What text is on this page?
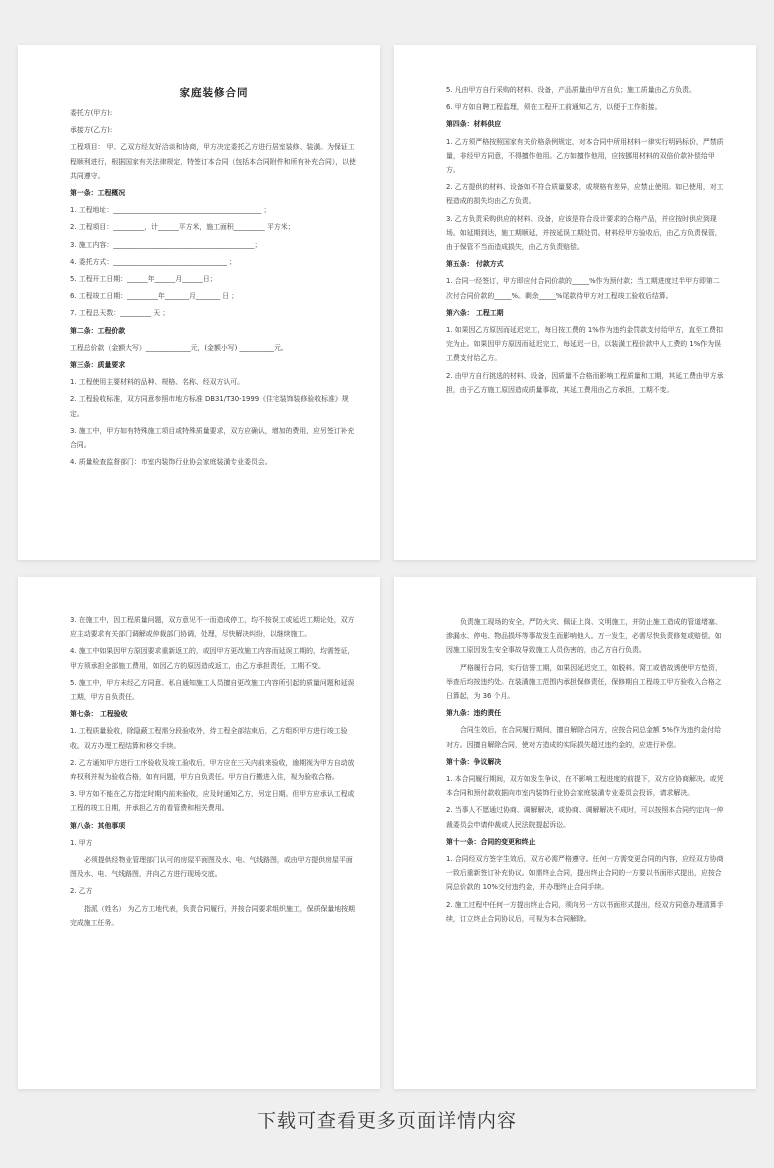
家庭装修合同

委托方(甲方):

承接方(乙方):

工程项目： 甲、乙双方经友好洽谈和协商，甲方决定委托乙方进行居室装修、装潢。为保证工程顺利进行，根据国家有关法律规定，特签订本合同（包括本合同附件和所有补充合同），以使共同遵守。

第一条：工程概况

1. 工程地址：___________________________________________ ；

2. 工程项目：_________，计______平方米，施工面积_________ 平方米；

3. 施工内容：_________________________________________；

4. 委托方式：_________________________________ ；

5. 工程开工日期：______年______月______日；

6. 工程竣工日期：_________年_______月_______ 日 ；

7. 工程总天数：_________ 天 ；

第二条：工程价款

工程总价款（金额大写）_____________元，(金额小写) __________元。

第三条：质量要求

1. 工程使用主要材料的品种、规格、名称、经双方认可。

2. 工程验收标准，双方同意参照市地方标准 DB31/T30-1999《住宅装饰装修验收标准》规定。

3. 施工中，甲方如有特殊施工项目或特殊质量要求，双方应确认，增加的费用，应另签订补充合同。

4. 质量检查监督部门：市室内装饰行业协会家庭装潢专业委员会。

5. 凡由甲方自行采购的材料、设备，产品质量由甲方自负；施工质量由乙方负责。

6. 甲方如自聘工程监理，须在工程开工前通知乙方，以便于工作衔接。

第四条：材料供应

1. 乙方须严格按照国家有关价格条例规定，对本合同中所用材料一律实行明码标价，严禁质量，非经甲方同意，不得擅作他用。乙方如擅作他用，应按挪用材料的双倍价款补偿给甲方。

2. 乙方提供的材料、设备如不符合质量要求，或规格有差异，应禁止使用。如已使用，对工程造成的损失均由乙方负责。

3. 乙方负责采购供应的材料、设备，应该是符合设计要求的合格产品，并应按时供应到现场。如延期到达，施工期顺延，并按延误工期处罚。材料经甲方验收后，由乙方负责保管，由于保管不当而造成损失，由乙方负责赔偿。

第五条： 付款方式

1. 合同一经签订，甲方即应付合同价款的_____%作为预付款；当工期进度过半甲方即第二次付合同价款的_____%。剩余_____%尾款待甲方对工程竣工验收后结算。

第六条： 工程工期

1. 如果因乙方原因而延迟完工，每日按工费的 1%作为违约金罚款支付给甲方，直至工费扣完为止。如果因甲方原因而延迟完工，每延迟一日，以装潢工程价款中人工费的 1%作为误工费支付给乙方。

2. 由甲方自行挑选的材料、设备，因质量不合格而影响工程质量和工期，其延工费由甲方承担，由于乙方施工原因造成质量事故，其延工费用由乙方承担，工期不变。

3. 在施工中，因工程质量问题，双方意见不一而造成停工，均不按误工或延迟工期论处，双方应主动要求有关部门调解或仲裁部门协调，处理，尽快解决纠纷，以继续施工。

4. 施工中如果因甲方原因要求重新返工的，或因甲方更改施工内容而延误工期的，均需签证，甲方须承担全部施工费用，如因乙方的原因造成返工，由乙方承担责任，工期不变。

5. 施工中，甲方未经乙方同意、私自通知施工人员擅自更改施工内容所引起的质量问题和延误工期，甲方自负责任。

第七条： 工程验收

1. 工程质量验收，除隐蔽工程需分段验收外，待工程全部结束后，乙方组织甲方进行竣工验收。双方办理工程结算和移交手续。

2. 乙方通知甲方进行工序验收及竣工验收后，甲方应在三天内前来验收，逾期视为甲方自动放弃权利并视为验收合格，如有问题，甲方自负责任。甲方自行搬进入住，视为验收合格。

3. 甲方如不能在乙方指定时期内前来验收，应及时通知乙方，另定日期。但甲方应承认工程或工程的竣工日期，并承担乙方的看管费和相关费用。

第八条：其他事项

1. 甲方

必须提供经物业管理部门认可的房屋平面图及水、电、气线路图，或由甲方提供房屋平面图及水、电、气线路图，并向乙方进行现场交底。

2. 乙方

指派（姓名） 为乙方工地代表，负责合同履行，并按合同要求组织施工，保质保量地按期完成施工任务。

负责施工现场的安全，严防火灾、佩证上岗、文明施工，并防止施工造成的管道堵塞、渗漏水、停电、物品损坏等事故发生而影响他人。万一发生，必需尽快负责修复或赔偿。如因施工原因发生安全事故导致施工人员伤害的，由乙方自行负责。

严格履行合同，实行信誉工期，如果因延迟完工，如脱料、窝工或借故诱使甲方垫资，举查后均按违约处。在装潢施工范围内承担保修责任，保修期自工程竣工甲方验收入合格之日算起，为 36 个月。

第九条：违约责任

合同生效后，在合同履行期间，擅自解除合同方，应按合同总金额 5%作为违约金付给对方。因擅自解除合同，使对方造成的实际损失超过违约金的，应进行补偿。

第十条：争议解决

1. 本合同履行期间，双方如发生争议，在不影响工程进度的前提下，双方应协商解决。或凭本合同和预付款收据向市室内装饰行业协会家庭装潢专业委员会投诉，请求解决。

2. 当事人不愿通过协商、调解解决，或协商、调解解决不成时，可以按照本合同约定向一仲裁委员会申请仲裁或人民法院提起诉讼。

第十一条：合同的变更和终止

1. 合同经双方签字生效后，双方必需严格遵守。任何一方需变更合同的内容，应经双方协商一致后重新签订补充协议。如需终止合同，提出终止合同的一方要以书面形式提出，应按合同总价款的 10%交付违约金，并办理终止合同手续。

2. 施工过程中任何一方提出终止合同，须向另一方以书面形式提出，经双方同意办理清算手续，订立终止合同协议后，可视为本合同解除。

下载可查看更多页面详情内容
